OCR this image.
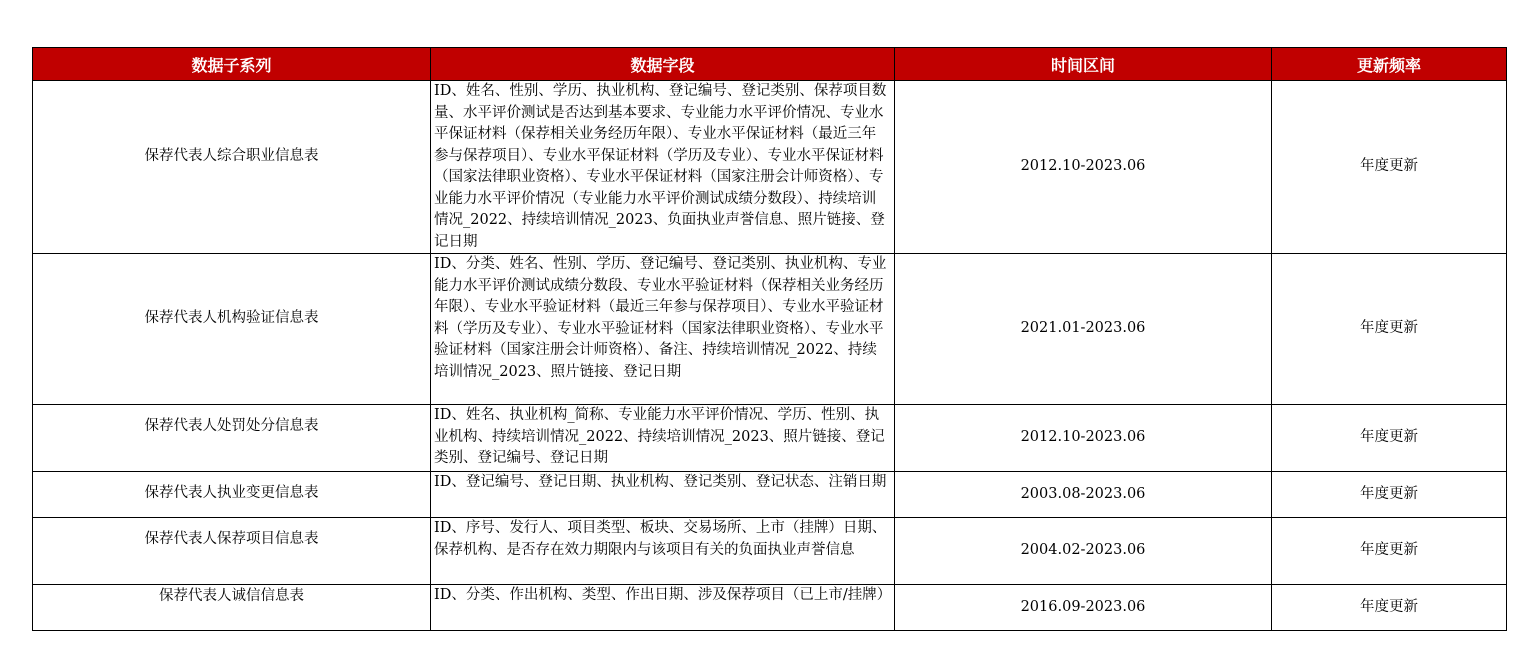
数据子系列	数据字段	时间区间	更新频率

保荐代表人综合职业信息表	ID、姓名、性别、学历、执业机构、登记编号、登记类别、保荐项目数量、水平评价测试是否达到基本要求、专业能力水平评价情况、专业水平保证材料（保荐相关业务经历年限）、专业水平保证材料（最近三年参与保荐项目）、专业水平保证材料（学历及专业）、专业水平保证材料（国家法律职业资格）、专业水平保证材料（国家注册会计师资格）、专业能力水平评价情况（专业能力水平评价测试成绩分数段）、持续培训情况_2022、持续培训情况_2023、负面执业声誉信息、照片链接、登记日期	2012.10-2023.06	年度更新

保荐代表人机构验证信息表	ID、分类、姓名、性别、学历、登记编号、登记类别、执业机构、专业能力水平评价测试成绩分数段、专业水平验证材料（保荐相关业务经历年限）、专业水平验证材料（最近三年参与保荐项目）、专业水平验证材料（学历及专业）、专业水平验证材料（国家法律职业资格）、专业水平验证材料（国家注册会计师资格）、备注、持续培训情况_2022、持续培训情况_2023、照片链接、登记日期	2021.01-2023.06	年度更新

保荐代表人处罚处分信息表	ID、姓名、执业机构_简称、专业能力水平评价情况、学历、性别、执业机构、持续培训情况_2022、持续培训情况_2023、照片链接、登记类别、登记编号、登记日期	2012.10-2023.06	年度更新

保荐代表人执业变更信息表	ID、登记编号、登记日期、执业机构、登记类别、登记状态、注销日期	2003.08-2023.06	年度更新

保荐代表人保荐项目信息表	ID、序号、发行人、项目类型、板块、交易场所、上市（挂牌）日期、保荐机构、是否存在效力期限内与该项目有关的负面执业声誉信息	2004.02-2023.06	年度更新

保荐代表人诚信信息表	ID、分类、作出机构、类型、作出日期、涉及保荐项目（已上市/挂牌）	2016.09-2023.06	年度更新
